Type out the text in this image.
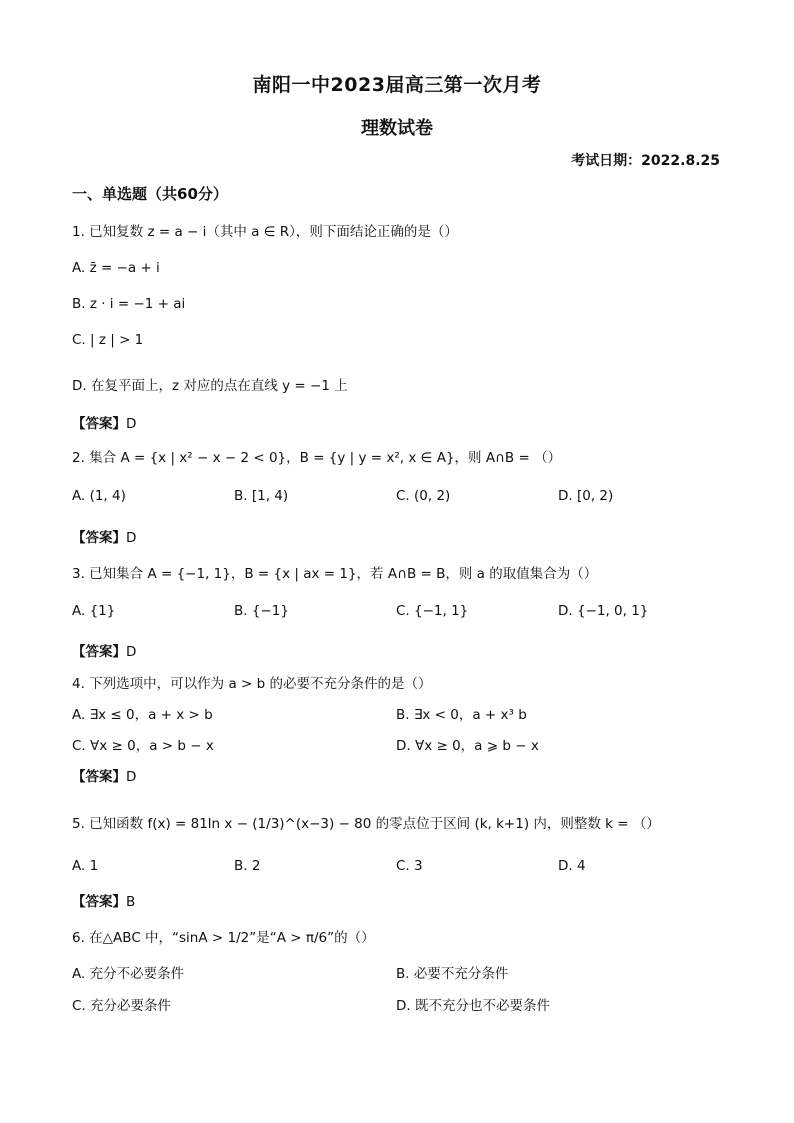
南阳一中2023届高三第一次月考
理数试卷
考试日期：2022.8.25
一、单选题（共60分）
1. 已知复数 z = a − i（其中 a ∈ R），则下面结论正确的是（）
A. z̄ = −a + i
B. z · i = −1 + ai
C. | z | > 1
D. 在复平面上，z 对应的点在直线 y = −1 上
【答案】D
2. 集合 A = {x | x² − x − 2 < 0}，B = {y | y = x², x ∈ A}，则 A∩B = （）
A. (1, 4)	B. [1, 4)	C. (0, 2)	D. [0, 2)
【答案】D
3. 已知集合 A = {−1, 1}，B = {x | ax = 1}，若 A∩B = B，则 a 的取值集合为（）
A. {1}	B. {−1}	C. {−1, 1}	D. {−1, 0, 1}
【答案】D
4. 下列选项中，可以作为 a > b 的必要不充分条件的是（）
A. ∃x ≤ 0，a + x > b	B. ∃x < 0，a + x³ b
C. ∀x ≥ 0，a > b − x	D. ∀x ≥ 0，a ⩾ b − x
【答案】D
5. 已知函数 f(x) = 81ln x − (1/3)^(x−3) − 80 的零点位于区间 (k, k+1) 内，则整数 k = （）
A. 1	B. 2	C. 3	D. 4
【答案】B
6. 在△ABC 中，“sinA > 1/2”是“A > π/6”的（）
A. 充分不必要条件	B. 必要不充分条件
C. 充分必要条件	D. 既不充分也不必要条件
